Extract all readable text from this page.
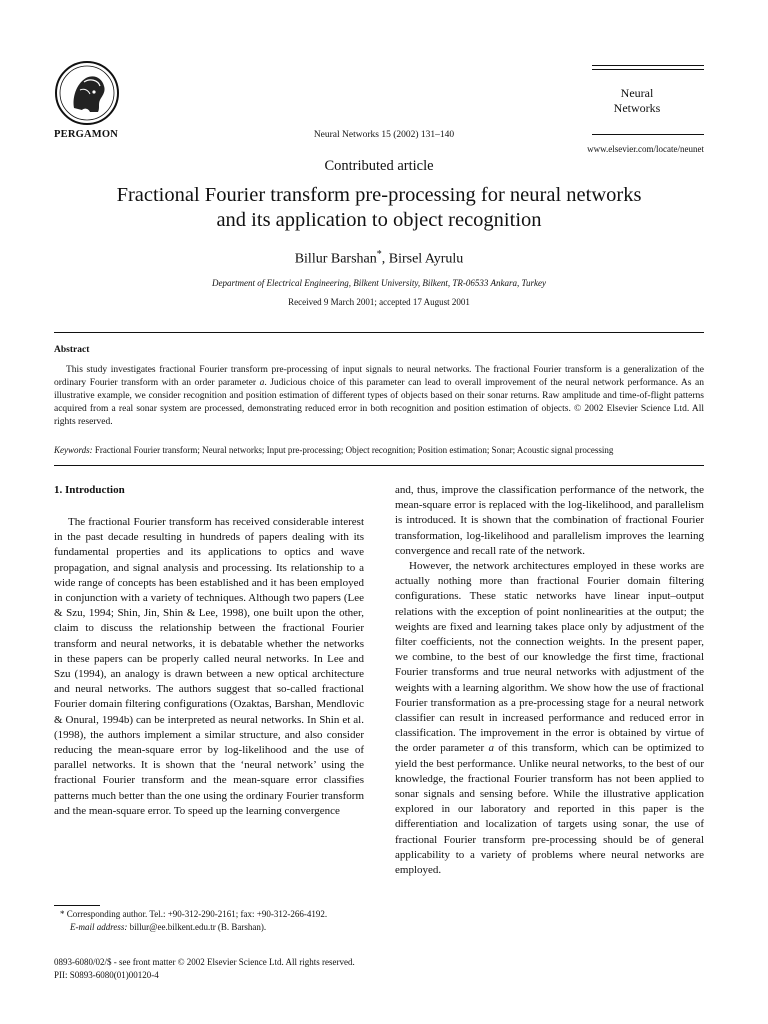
PERGAMON	Neural Networks 15 (2002) 131–140
Neural
Networks
www.elsevier.com/locate/neunet
Contributed article
Fractional Fourier transform pre-processing for neural networks
and its application to object recognition
Billur Barshan*, Birsel Ayrulu
Department of Electrical Engineering, Bilkent University, Bilkent, TR-06533 Ankara, Turkey
Received 9 March 2001; accepted 17 August 2001
Abstract
This study investigates fractional Fourier transform pre-processing of input signals to neural networks. The fractional Fourier transform is a generalization of the ordinary Fourier transform with an order parameter a. Judicious choice of this parameter can lead to overall improvement of the neural network performance. As an illustrative example, we consider recognition and position estimation of different types of objects based on their sonar returns. Raw amplitude and time-of-flight patterns acquired from a real sonar system are processed, demonstrating reduced error in both recognition and position estimation of objects. © 2002 Elsevier Science Ltd. All rights reserved.
Keywords: Fractional Fourier transform; Neural networks; Input pre-processing; Object recognition; Position estimation; Sonar; Acoustic signal processing
1. Introduction

The fractional Fourier transform has received considerable interest in the past decade resulting in hundreds of papers dealing with its fundamental properties and its applications to optics and wave propagation, and signal analysis and processing. Its relationship to a wide range of concepts has been established and it has been employed in conjunction with a variety of techniques. Although two papers (Lee & Szu, 1994; Shin, Jin, Shin & Lee, 1998), one built upon the other, claim to discuss the relationship between the fractional Fourier transform and neural networks, it is debatable whether the networks in these papers can be properly called neural networks. In Lee and Szu (1994), an analogy is drawn between a new optical architecture and neural networks. The authors suggest that so-called fractional Fourier domain filtering configurations (Ozaktas, Barshan, Mendlovic & Onural, 1994b) can be interpreted as neural networks. In Shin et al. (1998), the authors implement a similar structure, and also consider reducing the mean-square error by log-likelihood and the use of parallel networks. It is shown that the ‘neural network’ using the fractional Fourier transform and the mean-square error classifies patterns much better than the one using the ordinary Fourier transform and the mean-square error. To speed up the learning convergence

and, thus, improve the classification performance of the network, the mean-square error is replaced with the log-likelihood, and parallelism is introduced. It is shown that the combination of fractional Fourier transformation, log-likelihood and parallelism improves the learning convergence and recall rate of the network.

However, the network architectures employed in these works are actually nothing more than fractional Fourier domain filtering configurations. These static networks have linear input–output relations with the exception of point nonlinearities at the output; the weights are fixed and learning takes place only by adjustment of the filter coefficients, not the connection weights. In the present paper, we combine, to the best of our knowledge the first time, fractional Fourier transforms and true neural networks with adjustment of the weights with a learning algorithm. We show how the use of fractional Fourier transformation as a pre-processing stage for a neural network classifier can result in increased performance and reduced error in classification. The improvement in the error is obtained by virtue of the order parameter a of this transform, which can be optimized to yield the best performance. Unlike neural networks, to the best of our knowledge, the fractional Fourier transform has not been applied to sonar signals and sensing before. While the illustrative application explored in our laboratory and reported in this paper is the differentiation and localization of targets using sonar, the use of fractional Fourier transform pre-processing should be of general applicability to a variety of problems where neural networks are employed.

* Corresponding author. Tel.: +90-312-290-2161; fax: +90-312-266-4192.
E-mail address: billur@ee.bilkent.edu.tr (B. Barshan).
0893-6080/02/$ - see front matter © 2002 Elsevier Science Ltd. All rights reserved.
PII: S0893-6080(01)00120-4
